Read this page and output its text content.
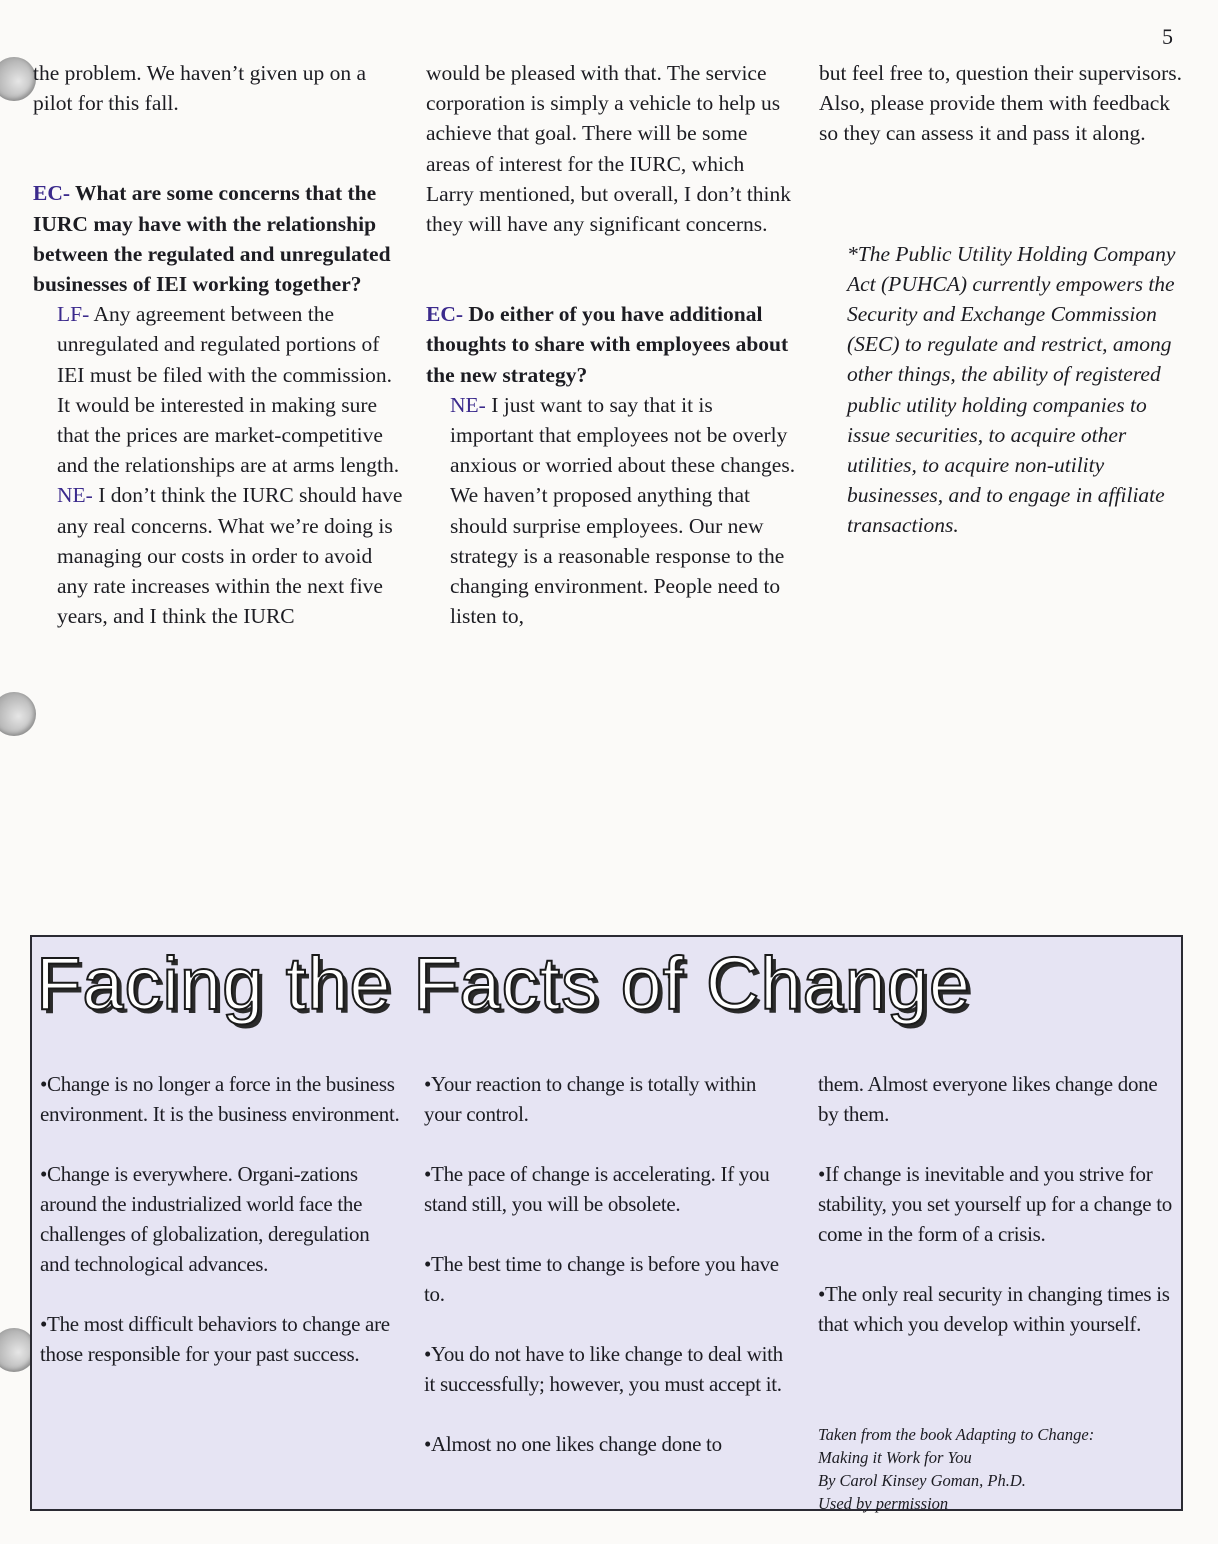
5

the problem. We haven’t given up on a pilot for this fall.

EC- What are some concerns that the IURC may have with the relationship between the regulated and unregulated businesses of IEI working together?

LF- Any agreement between the unregulated and regulated portions of IEI must be filed with the commission. It would be interested in making sure that the prices are market-competitive and the relationships are at arms length.

NE- I don’t think the IURC should have any real concerns. What we’re doing is managing our costs in order to avoid any rate increases within the next five years, and I think the IURC

would be pleased with that. The service corporation is simply a vehicle to help us achieve that goal. There will be some areas of interest for the IURC, which Larry mentioned, but overall, I don’t think they will have any significant concerns.

EC- Do either of you have additional thoughts to share with employees about the new strategy?

NE- I just want to say that it is important that employees not be overly anxious or worried about these changes. We haven’t proposed anything that should surprise employees. Our new strategy is a reasonable response to the changing environment. People need to listen to,

but feel free to, question their supervisors. Also, please provide them with feedback so they can assess it and pass it along.

*The Public Utility Holding Company Act (PUHCA) currently empowers the Security and Exchange Commission (SEC) to regulate and restrict, among other things, the ability of registered public utility holding companies to issue securities, to acquire other utilities, to acquire non-utility businesses, and to engage in affiliate transactions.

Facing the Facts of Change

•Change is no longer a force in the business environment. It is the business environment.

•Change is everywhere. Organi-zations around the industrialized world face the challenges of globalization, deregulation and technological advances.

•The most difficult behaviors to change are those responsible for your past success.

•Your reaction to change is totally within your control.

•The pace of change is accelerating. If you stand still, you will be obsolete.

•The best time to change is before you have to.

•You do not have to like change to deal with it successfully; however, you must accept it.

•Almost no one likes change done to

them. Almost everyone likes change done by them.

•If change is inevitable and you strive for stability, you set yourself up for a change to come in the form of a crisis.

•The only real security in changing times is that which you develop within yourself.

Taken from the book Adapting to Change:

Making it Work for You

By Carol Kinsey Goman, Ph.D.

Used by permission
